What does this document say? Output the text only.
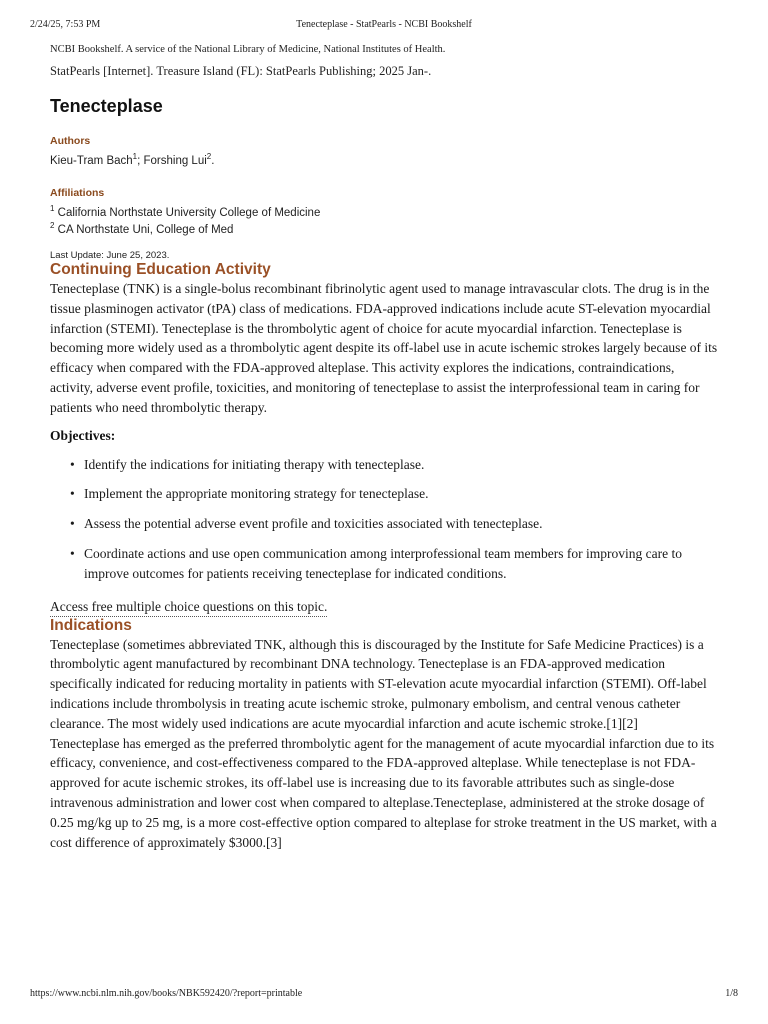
2/24/25, 7:53 PM	Tenecteplase - StatPearls - NCBI Bookshelf

NCBI Bookshelf. A service of the National Library of Medicine, National Institutes of Health.

StatPearls [Internet]. Treasure Island (FL): StatPearls Publishing; 2025 Jan-.

Tenecteplase

Authors

Kieu-Tram Bach$^1$; Forshing Lui$^2$.

Affiliations

$^1$ California Northstate University College of Medicine

$^2$ CA Northstate Uni, College of Med

Last Update: June 25, 2023.

Continuing Education Activity

Tenecteplase (TNK) is a single-bolus recombinant fibrinolytic agent used to manage intravascular clots. The drug is in the tissue plasminogen activator (tPA) class of medications. FDA-approved indications include acute ST-elevation myocardial infarction (STEMI). Tenecteplase is the thrombolytic agent of choice for acute myocardial infarction. Tenecteplase is becoming more widely used as a thrombolytic agent despite its off-label use in acute ischemic strokes largely because of its efficacy when compared with the FDA-approved alteplase. This activity explores the indications, contraindications, activity, adverse event profile, toxicities, and monitoring of tenecteplase to assist the interprofessional team in caring for patients who need thrombolytic therapy.

Objectives:

• Identify the indications for initiating therapy with tenecteplase.
• Implement the appropriate monitoring strategy for tenecteplase.
• Assess the potential adverse event profile and toxicities associated with tenecteplase.
• Coordinate actions and use open communication among interprofessional team members for improving care to improve outcomes for patients receiving tenecteplase for indicated conditions.
Access free multiple choice questions on this topic.
Indications

Tenecteplase (sometimes abbreviated TNK, although this is discouraged by the Institute for Safe Medicine Practices) is a thrombolytic agent manufactured by recombinant DNA technology. Tenecteplase is an FDA-approved medication specifically indicated for reducing mortality in patients with ST-elevation acute myocardial infarction (STEMI). Off-label indications include thrombolysis in treating acute ischemic stroke, pulmonary embolism, and central venous catheter clearance. The most widely used indications are acute myocardial infarction and acute ischemic stroke.[1][2]

Tenecteplase has emerged as the preferred thrombolytic agent for the management of acute myocardial infarction due to its efficacy, convenience, and cost-effectiveness compared to the FDA-approved alteplase. While tenecteplase is not FDA-approved for acute ischemic strokes, its off-label use is increasing due to its favorable attributes such as single-dose intravenous administration and lower cost when compared to alteplase.Tenecteplase, administered at the stroke dosage of 0.25 mg/kg up to 25 mg, is a more cost-effective option compared to alteplase for stroke treatment in the US market, with a cost difference of approximately $3000.[3]

https://www.ncbi.nlm.nih.gov/books/NBK592420/?report=printable	1/8
